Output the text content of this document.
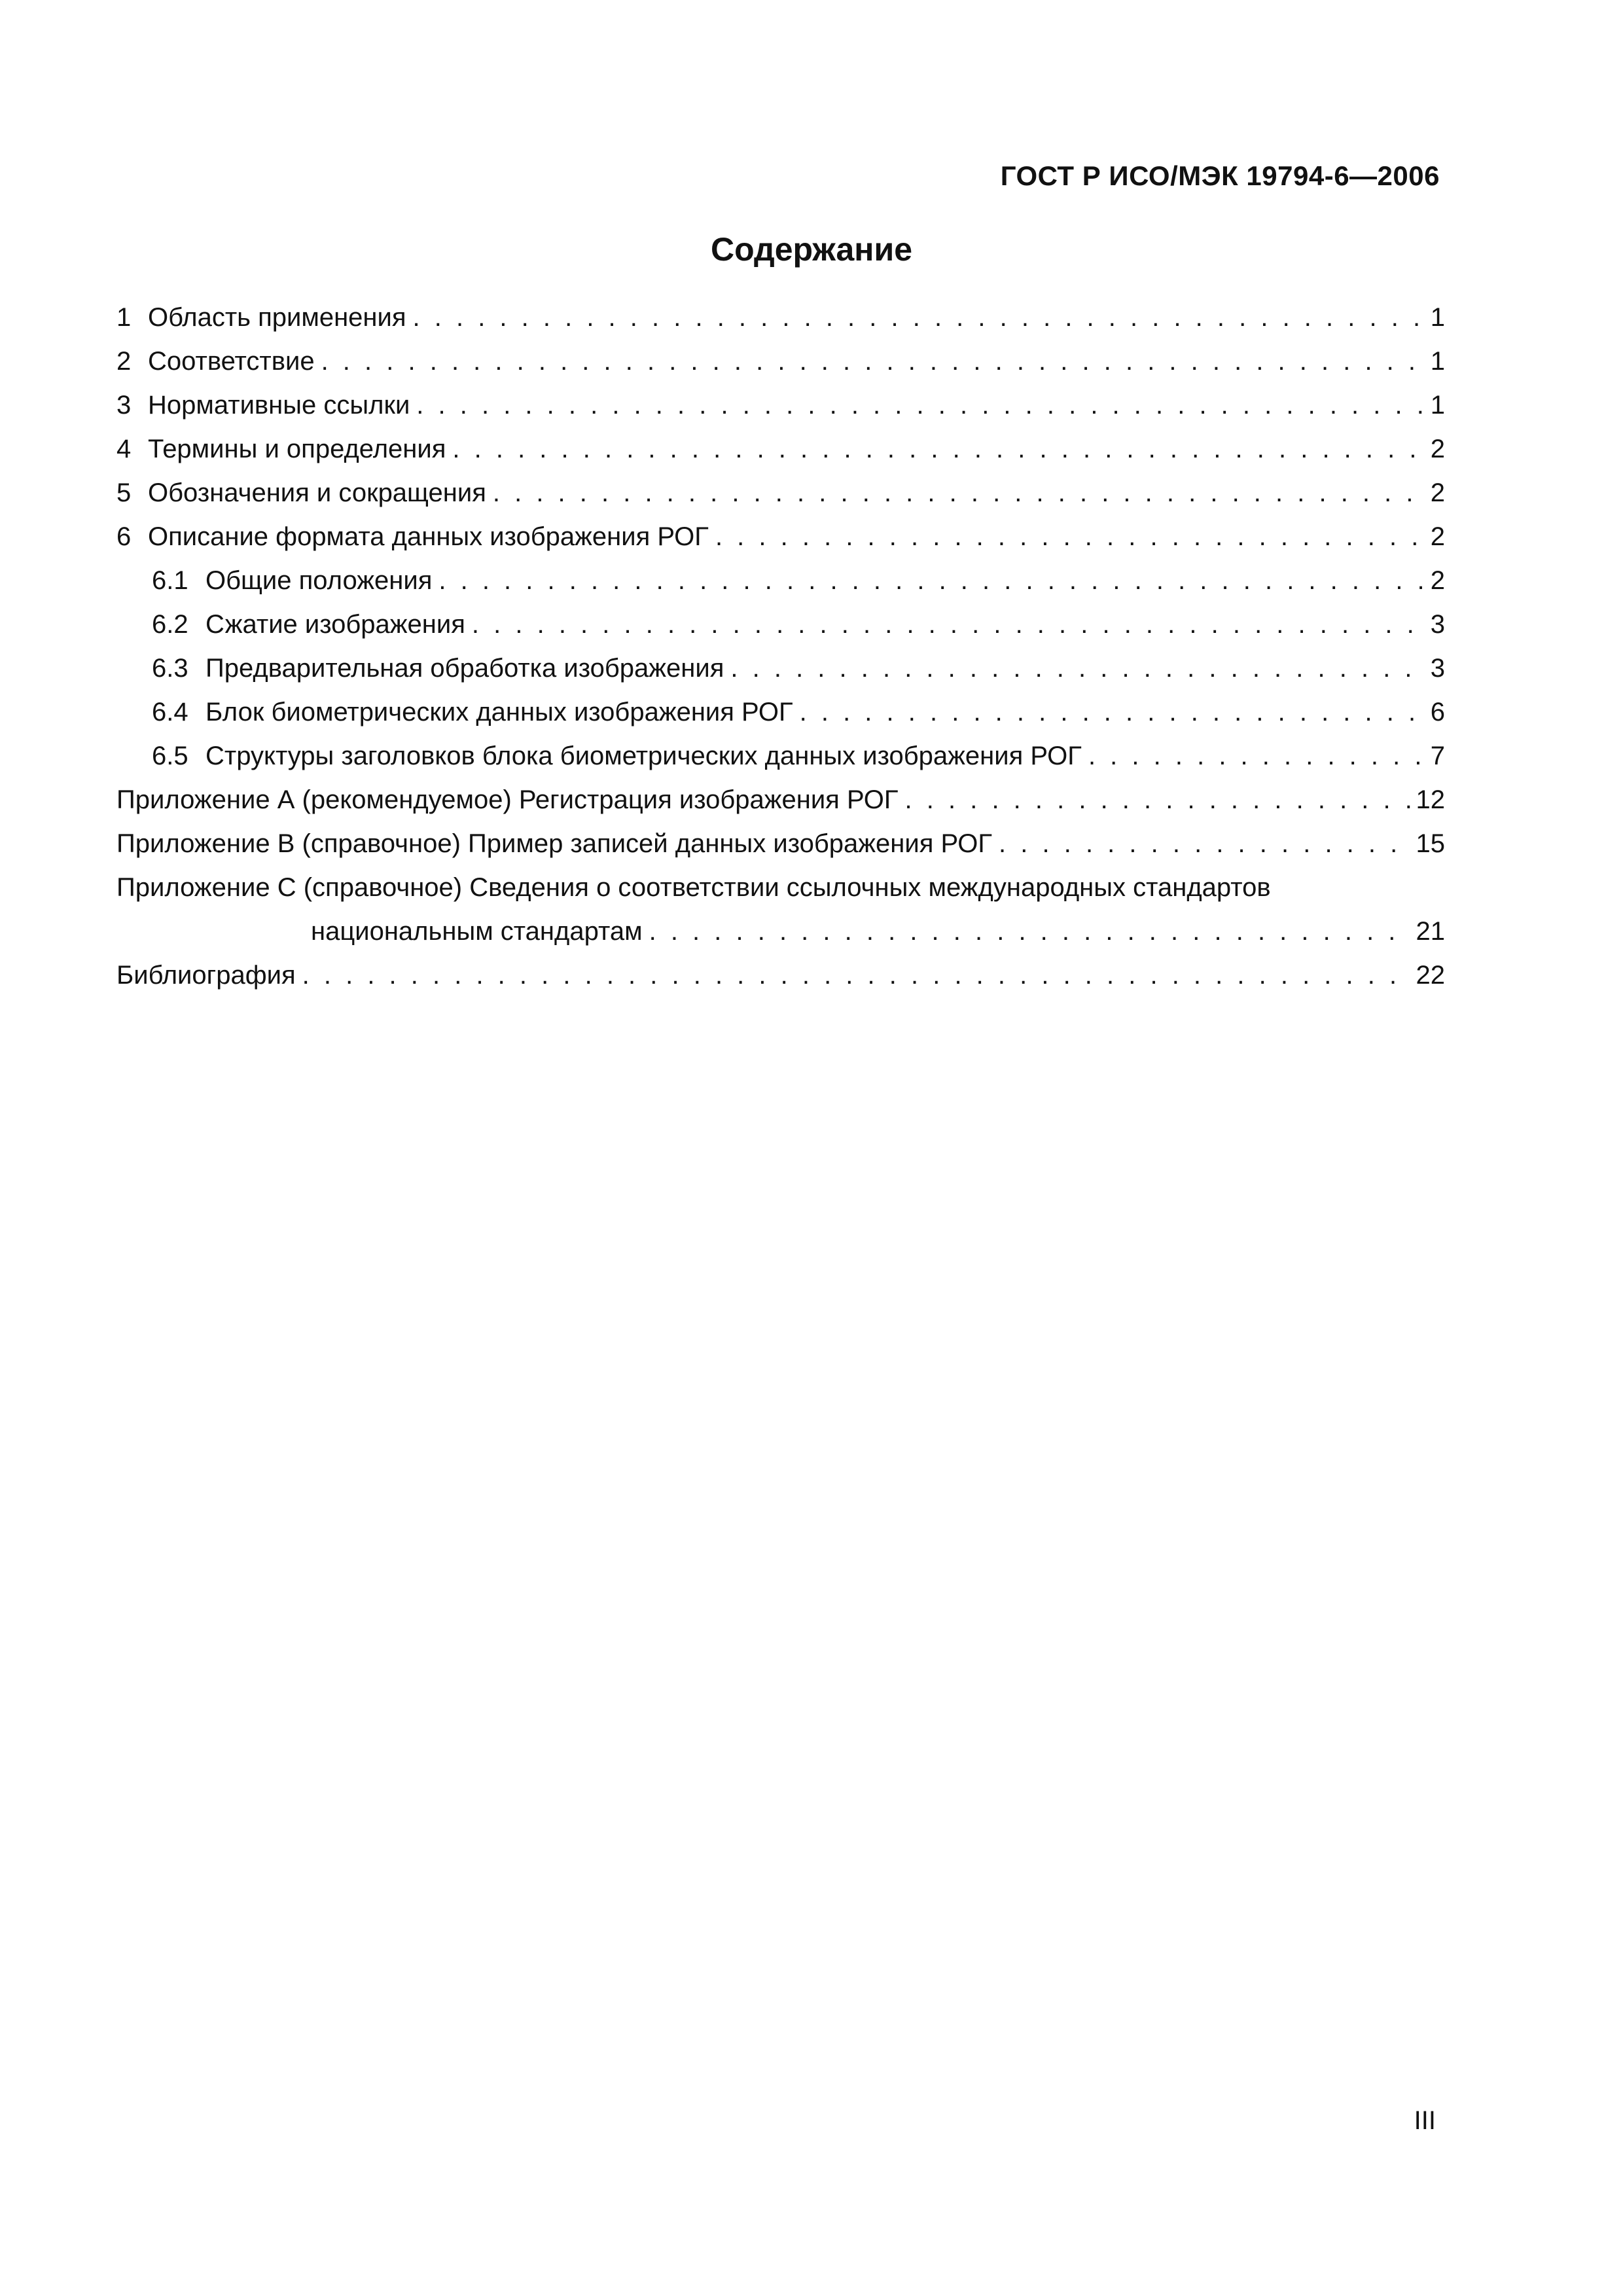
ГОСТ Р ИСО/МЭК 19794-6—2006
Содержание
1 Область применения . . .	1
2 Соответствие . . .	1
3 Нормативные ссылки . . .	1
4 Термины и определения . . .	2
5 Обозначения и сокращения . . .	2
6 Описание формата данных изображения РОГ . . .	2
6.1 Общие положения . . .	2
6.2 Сжатие изображения . . .	3
6.3 Предварительная обработка изображения . . .	3
6.4 Блок биометрических данных изображения РОГ . . .	6
6.5 Структуры заголовков блока биометрических данных изображения РОГ . . .	7
Приложение А (рекомендуемое) Регистрация изображения РОГ . . .	12
Приложение В (справочное) Пример записей данных изображения РОГ . . .	15
Приложение С (справочное) Сведения о соответствии ссылочных международных стандартов
национальным стандартам . . .	21
Библиография . . .	22
III
